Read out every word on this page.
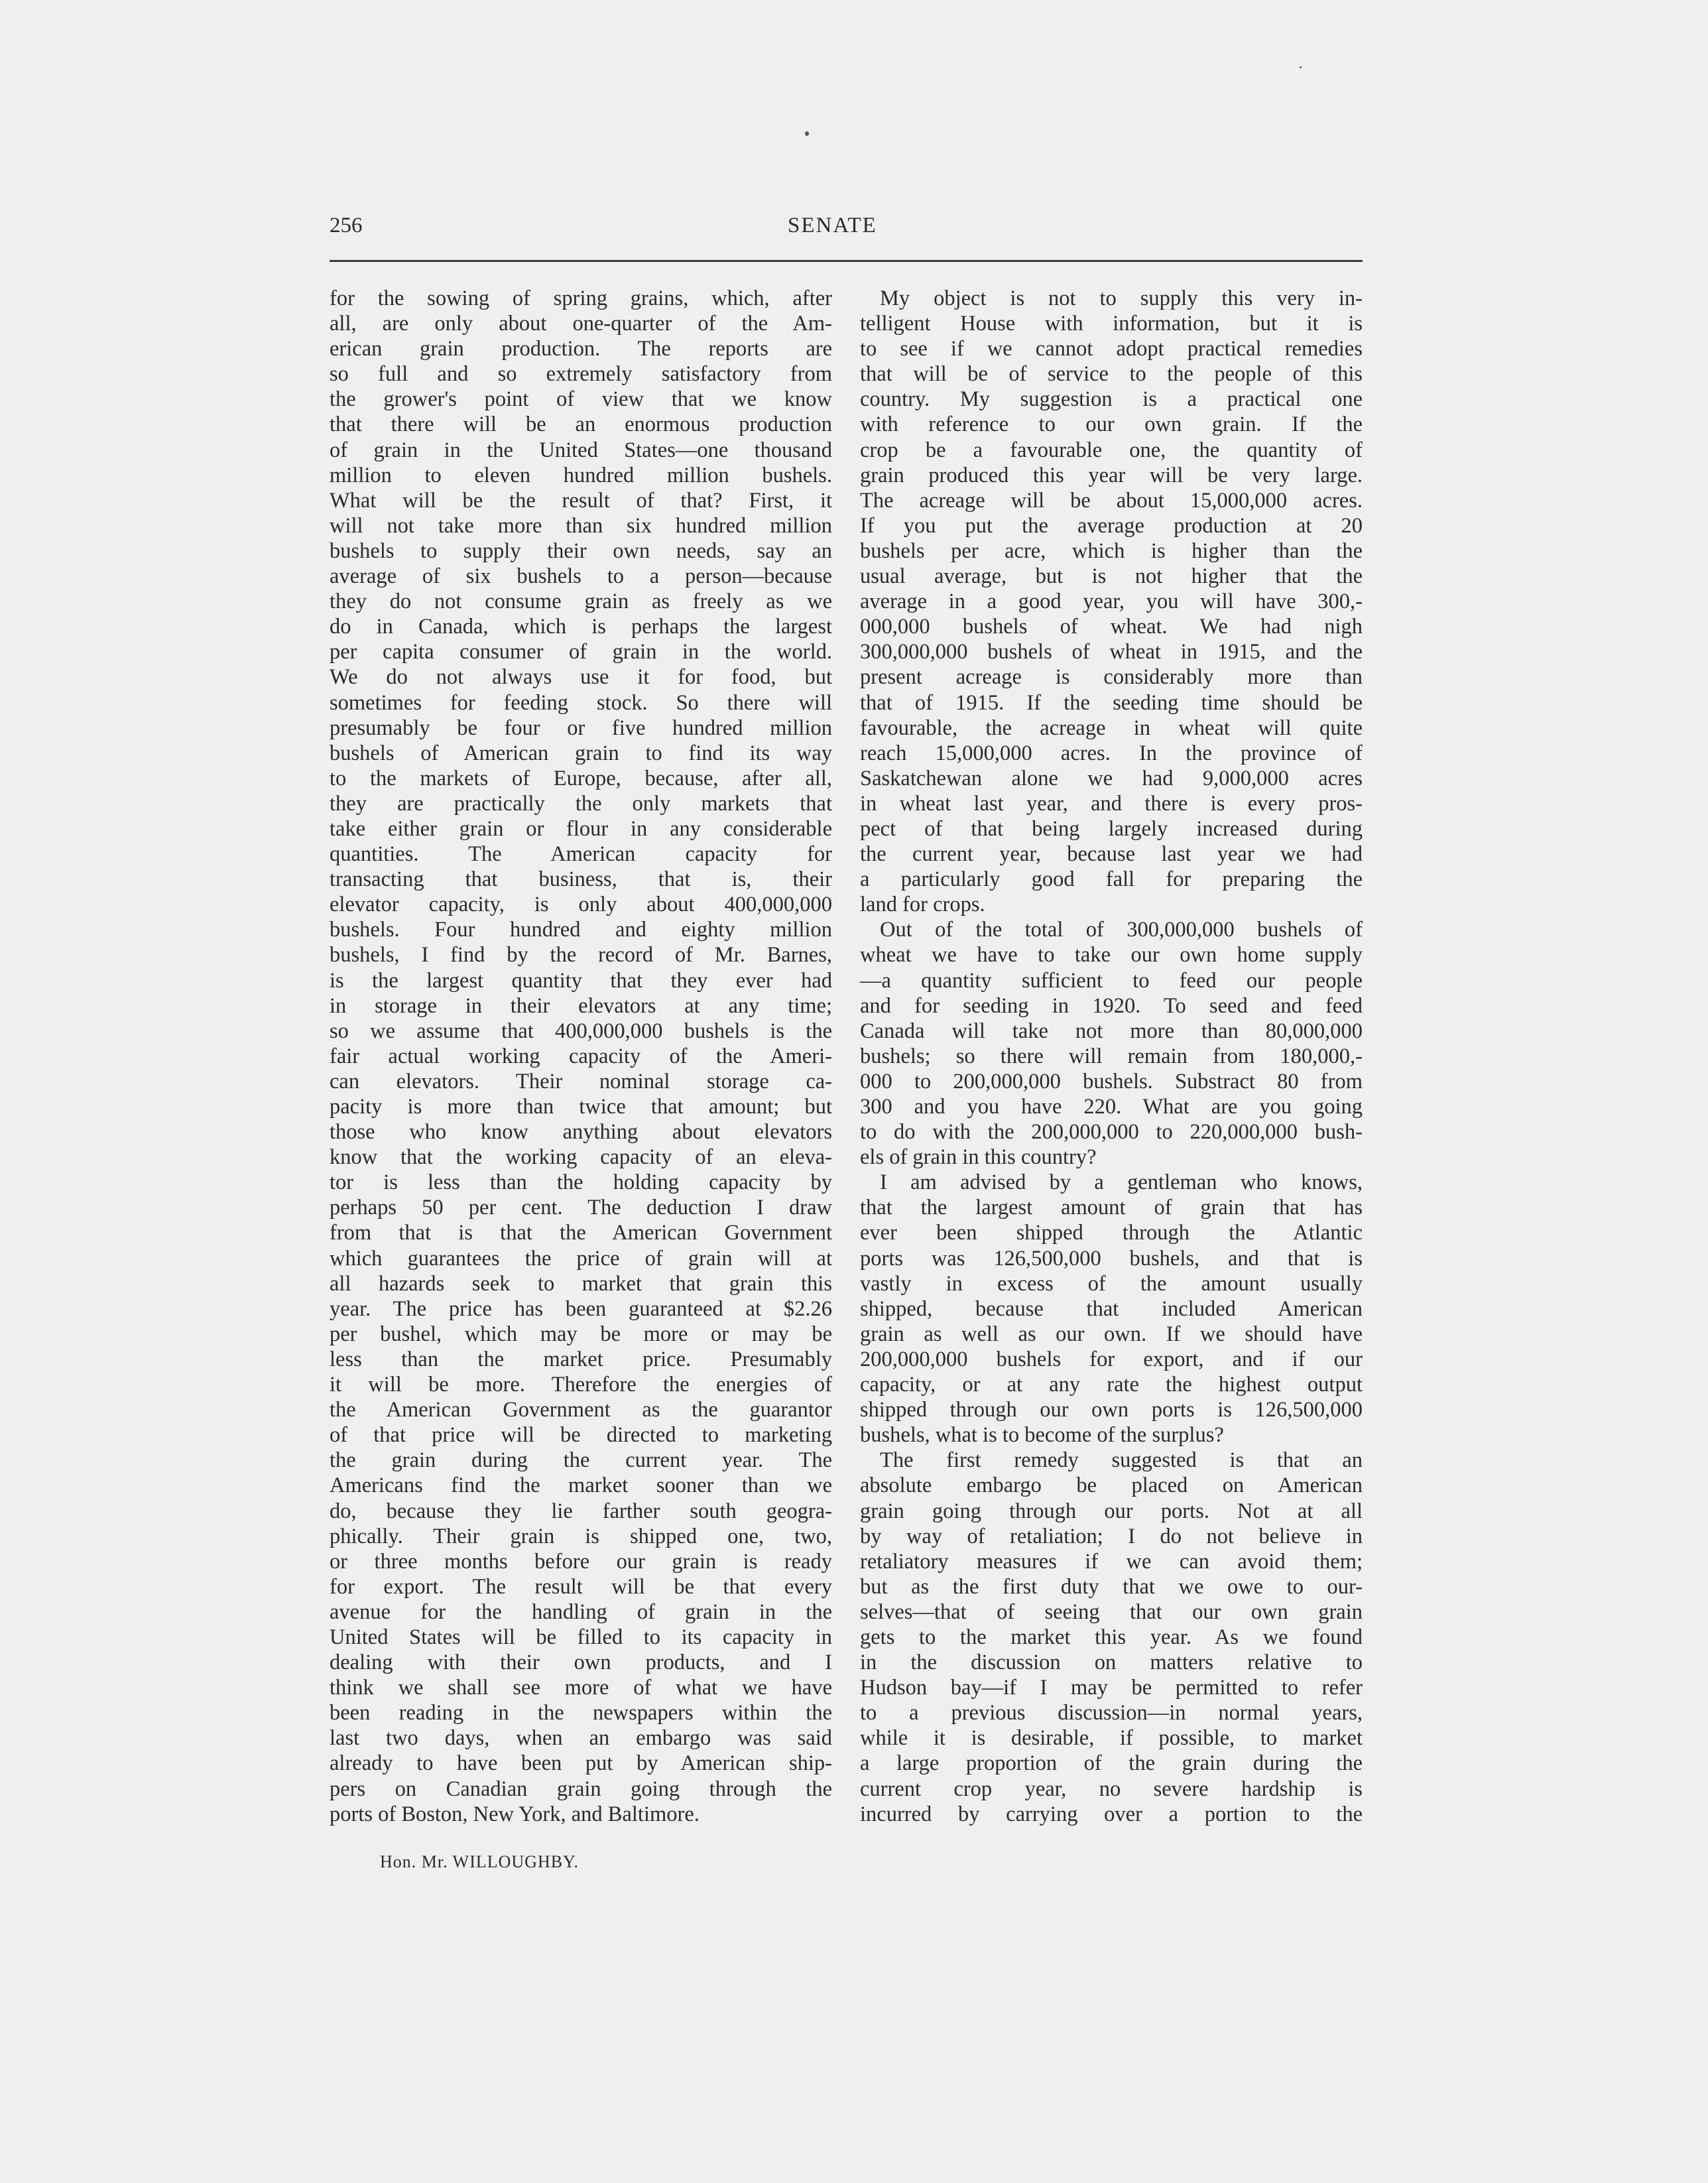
256	SENATE
for the sowing of spring grains, which, after
all, are only about one-quarter of the Am-
erican grain production. The reports are
so full and so extremely satisfactory from
the grower's point of view that we know
that there will be an enormous production
of grain in the United States—one thousand
million to eleven hundred million bushels.
What will be the result of that? First, it
will not take more than six hundred million
bushels to supply their own needs, say an
average of six bushels to a person—because
they do not consume grain as freely as we
do in Canada, which is perhaps the largest
per capita consumer of grain in the world.
We do not always use it for food, but
sometimes for feeding stock. So there will
presumably be four or five hundred million
bushels of American grain to find its way
to the markets of Europe, because, after all,
they are practically the only markets that
take either grain or flour in any considerable
quantities. The American capacity for
transacting that business, that is, their
elevator capacity, is only about 400,000,000
bushels. Four hundred and eighty million
bushels, I find by the record of Mr. Barnes,
is the largest quantity that they ever had
in storage in their elevators at any time;
so we assume that 400,000,000 bushels is the
fair actual working capacity of the Ameri-
can elevators. Their nominal storage ca-
pacity is more than twice that amount; but
those who know anything about elevators
know that the working capacity of an eleva-
tor is less than the holding capacity by
perhaps 50 per cent. The deduction I draw
from that is that the American Government
which guarantees the price of grain will at
all hazards seek to market that grain this
year. The price has been guaranteed at $2.26
per bushel, which may be more or may be
less than the market price. Presumably
it will be more. Therefore the energies of
the American Government as the guarantor
of that price will be directed to marketing
the grain during the current year. The
Americans find the market sooner than we
do, because they lie farther south geogra-
phically. Their grain is shipped one, two,
or three months before our grain is ready
for export. The result will be that every
avenue for the handling of grain in the
United States will be filled to its capacity in
dealing with their own products, and I
think we shall see more of what we have
been reading in the newspapers within the
last two days, when an embargo was said
already to have been put by American ship-
pers on Canadian grain going through the
ports of Boston, New York, and Baltimore.
My object is not to supply this very in-
telligent House with information, but it is
to see if we cannot adopt practical remedies
that will be of service to the people of this
country. My suggestion is a practical one
with reference to our own grain. If the
crop be a favourable one, the quantity of
grain produced this year will be very large.
The acreage will be about 15,000,000 acres.
If you put the average production at 20
bushels per acre, which is higher than the
usual average, but is not higher that the
average in a good year, you will have 300,-
000,000 bushels of wheat. We had nigh
300,000,000 bushels of wheat in 1915, and the
present acreage is considerably more than
that of 1915. If the seeding time should be
favourable, the acreage in wheat will quite
reach 15,000,000 acres. In the province of
Saskatchewan alone we had 9,000,000 acres
in wheat last year, and there is every pros-
pect of that being largely increased during
the current year, because last year we had
a particularly good fall for preparing the
land for crops.
Out of the total of 300,000,000 bushels of
wheat we have to take our own home supply
—a quantity sufficient to feed our people
and for seeding in 1920. To seed and feed
Canada will take not more than 80,000,000
bushels; so there will remain from 180,000,-
000 to 200,000,000 bushels. Substract 80 from
300 and you have 220. What are you going
to do with the 200,000,000 to 220,000,000 bush-
els of grain in this country?
I am advised by a gentleman who knows,
that the largest amount of grain that has
ever been shipped through the Atlantic
ports was 126,500,000 bushels, and that is
vastly in excess of the amount usually
shipped, because that included American
grain as well as our own. If we should have
200,000,000 bushels for export, and if our
capacity, or at any rate the highest output
shipped through our own ports is 126,500,000
bushels, what is to become of the surplus?
The first remedy suggested is that an
absolute embargo be placed on American
grain going through our ports. Not at all
by way of retaliation; I do not believe in
retaliatory measures if we can avoid them;
but as the first duty that we owe to our-
selves—that of seeing that our own grain
gets to the market this year. As we found
in the discussion on matters relative to
Hudson bay—if I may be permitted to refer
to a previous discussion—in normal years,
while it is desirable, if possible, to market
a large proportion of the grain during the
current crop year, no severe hardship is
incurred by carrying over a portion to the
Hon. Mr. WILLOUGHBY.
